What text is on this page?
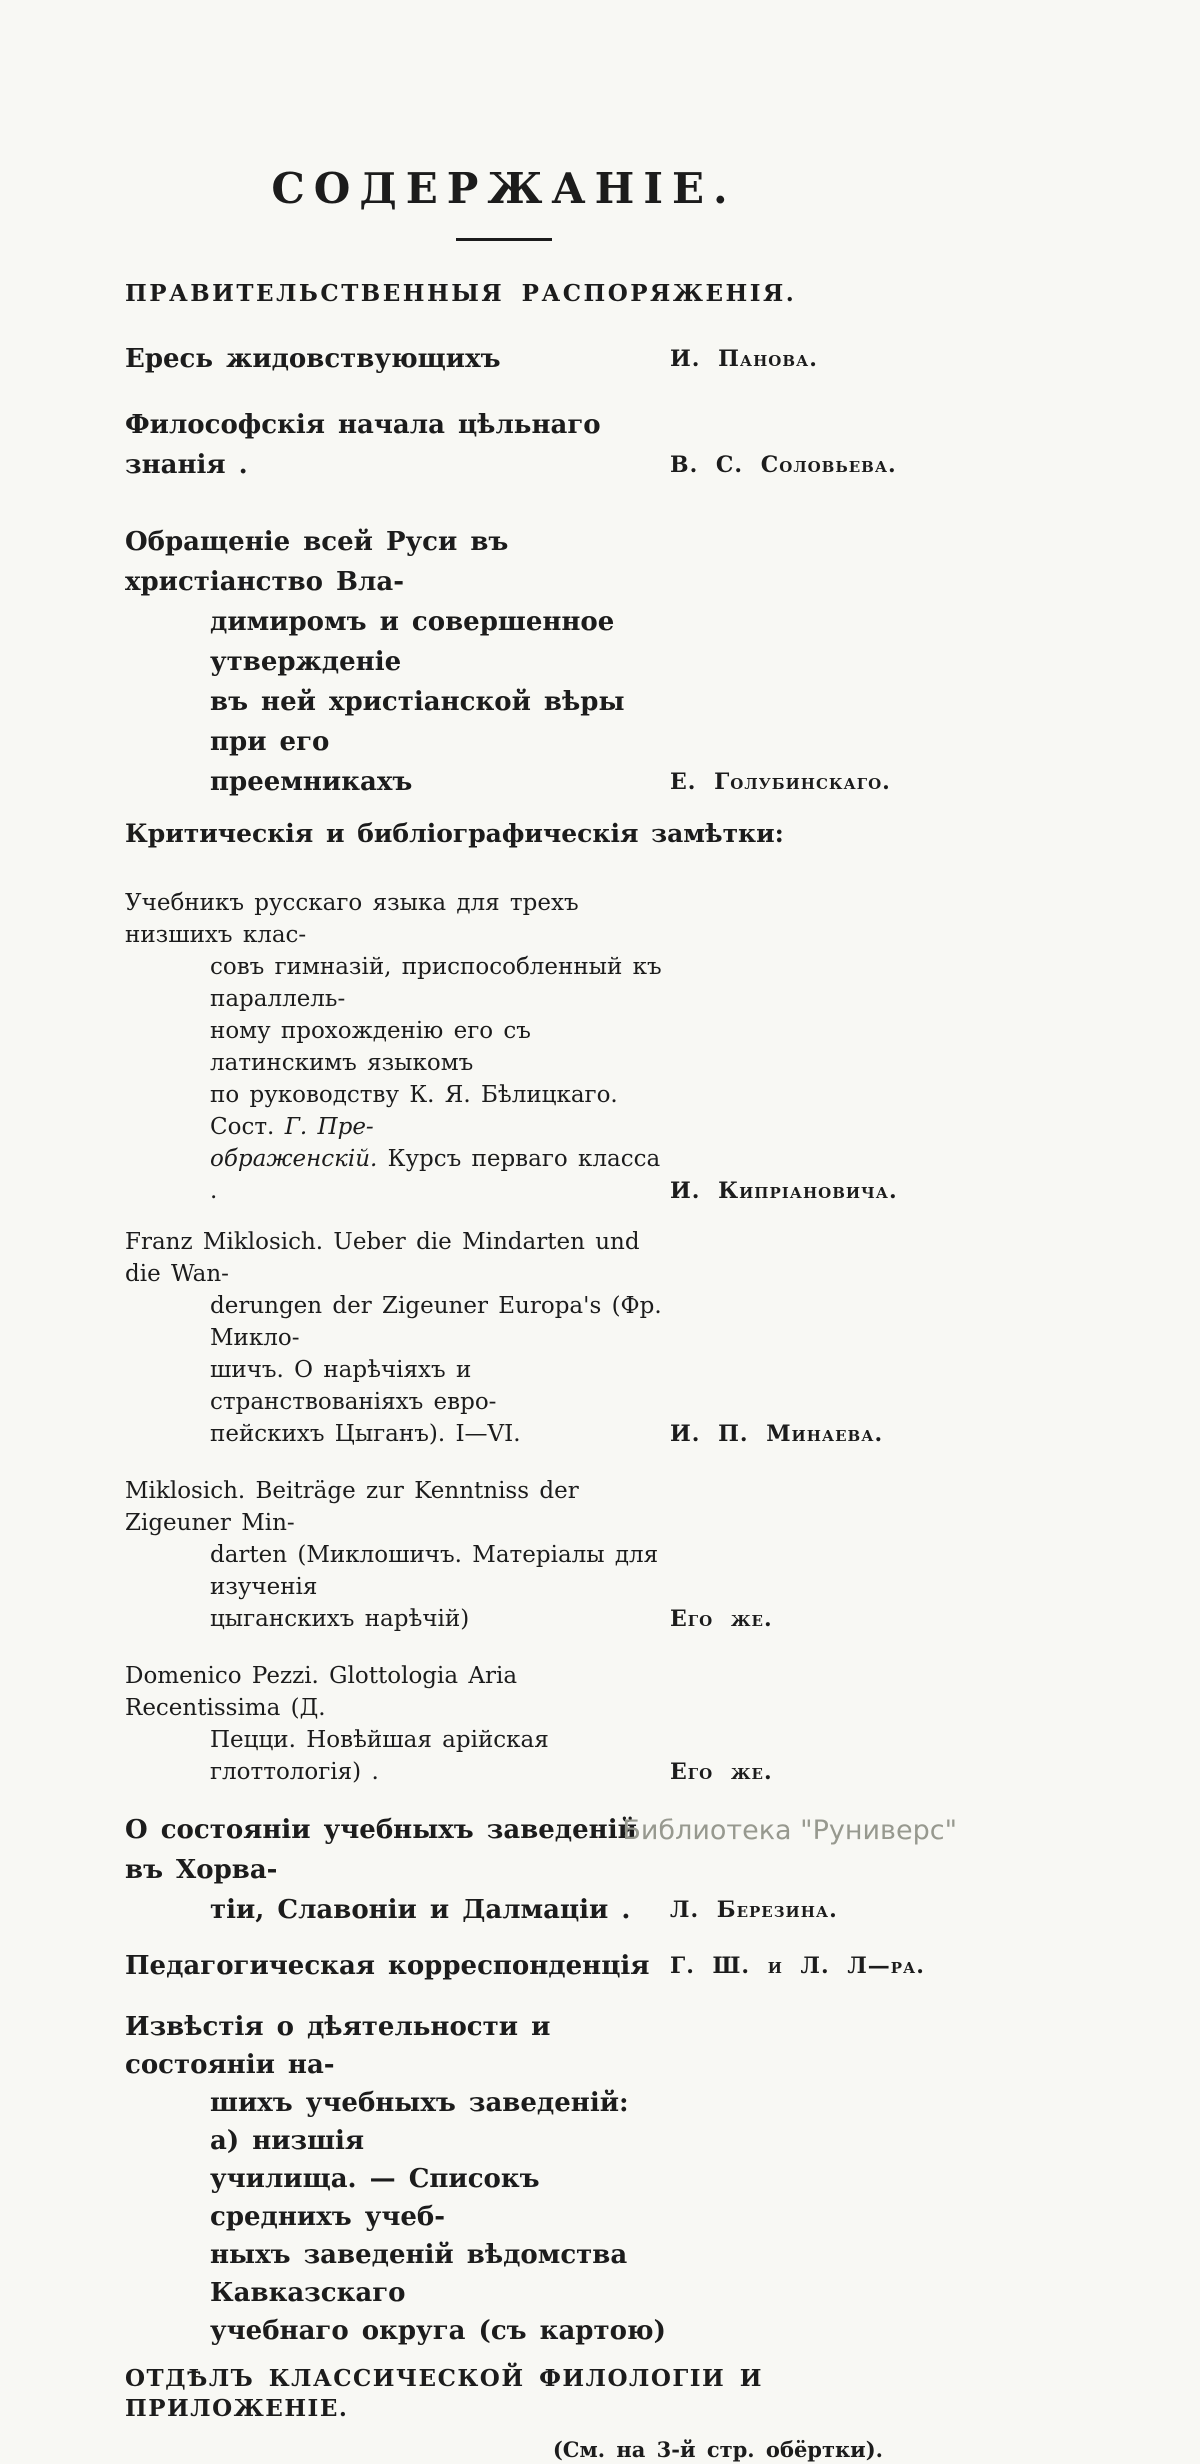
СОДЕРЖАНІЕ.
ПРАВИТЕЛЬСТВЕННЫЯ РАСПОРЯЖЕНІЯ.
Ересь жидовствующихъ	И. Панова.
Философскія начала цѣльнаго знанія .	В. С. Соловьева.
Обращеніе всей Руси въ христіанство Вла-
димиромъ и совершенное утвержденіе
въ ней христіанской вѣры при его
преемникахъ	Е. Голубинскаго.
Критическія и библіографическія замѣтки:
Учебникъ русскаго языка для трехъ низшихъ клас-
совъ гимназій, приспособленный къ параллель-
ному прохожденію его съ латинскимъ языкомъ
по руководству К. Я. Бѣлицкаго. Сост. Г. Пре-
ображенскій. Курсъ перваго класса .	И. Кипріановича.
Franz Miklosich. Ueber die Mindarten und die Wan-
derungen der Zigeuner Europa's (Фр. Микло-
шичъ. О нарѣчіяхъ и странствованіяхъ евро-
пейскихъ Цыганъ). I—VI.	И. П. Минаева.
Miklosich. Beiträge zur Kenntniss der Zigeuner Min-
darten (Миклошичъ. Матеріалы для изученія
цыганскихъ нарѣчій)	Его же.
Domenico Pezzi. Glottologia Aria Recentissima (Д.
Пецци. Новѣйшая арійская глоттологія) .	Его же.
О состояніи учебныхъ заведеній въ Хорва-
тіи, Славоніи и Далмаціи .	Л. Березина.
Педагогическая корреспонденція Г. Ш. и Л. Л—ра.
Извѣстія о дѣятельности и состояніи на-
шихъ учебныхъ заведеній: а) низшія
училища. — Списокъ среднихъ учеб-
ныхъ заведеній вѣдомства Кавказскаго
учебнаго округа (съ картою)
ОТДѢЛЪ КЛАССИЧЕСКОЙ ФИЛОЛОГІИ И ПРИЛОЖЕНІЕ.
(См. на 3-й стр. обёртки).
Библиотека "Руниверс"
